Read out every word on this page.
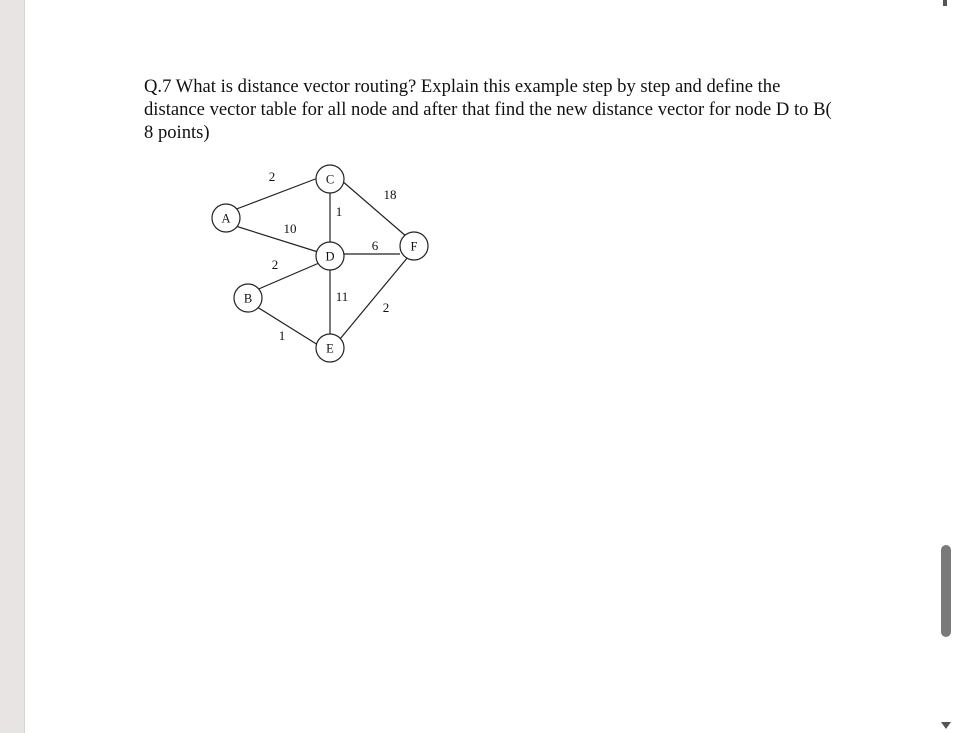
Q.7 What is distance vector routing? Explain this example step by step and define the
distance vector table for all node and after that find the new distance vector for node D to B(
8 points)

A
B
C
D
E
F
2
10
1
18
6
2
11
1
2
